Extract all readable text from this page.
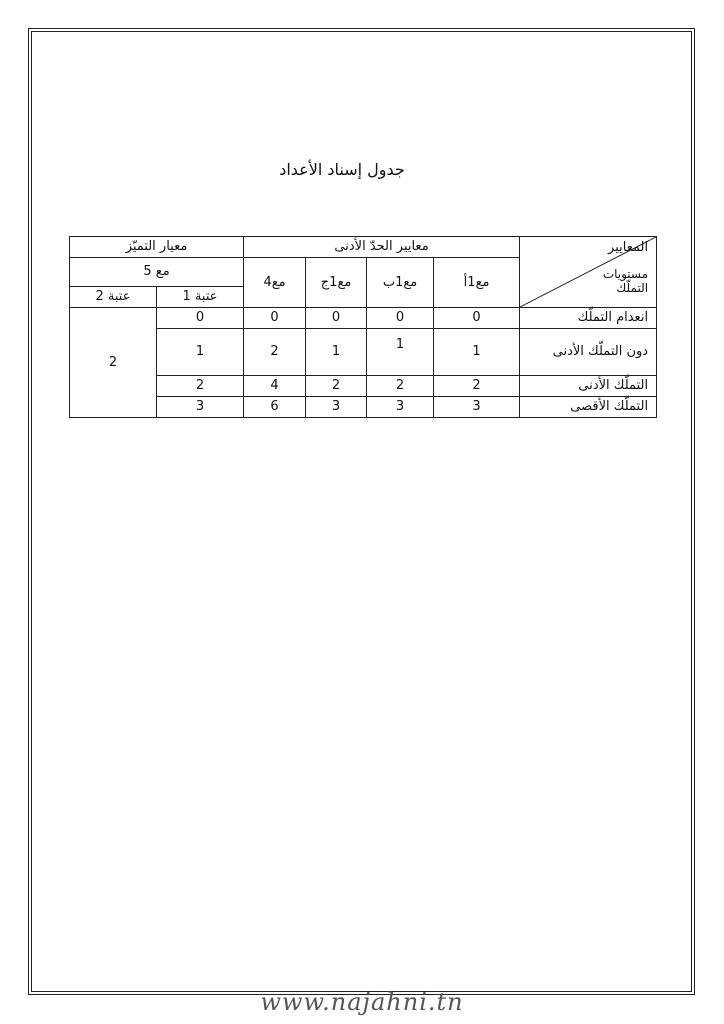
جدول إسناد الأعداد
المعايير
مستويات التملّك	معايير الحدّ الأدنى				معيار التميّز	
	مع1أ	مع1ب	مع1ج	مع4	مع 5	
					عتبة 1	عتبة 2
انعدام التملّك	0	0	0	0	0	2
دون التملّك الأدنى	1	1	1	2	1	
التملّك الأدنى	2	2	2	4	2	
التملّك الأقصى	3	3	3	6	3	
www.najahni.tn
